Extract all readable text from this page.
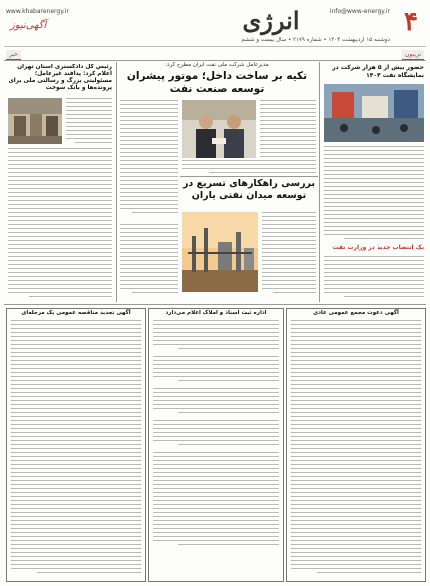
۴
انرژی	info@www-energy.ir
www.khabarenergy.ir
آگهی‌نیوز
دوشنبه ۱۵ اردیبهشت ۱۴۰۴ • شماره ۲۱۷۹ • سال بیست و ششم
تریبون
خبر
حضور بیش از ۵ هزار شرکت در نمایشگاه نفت ۱۴۰۴
یک انتصاب جدید در وزارت نفت
مدیرعامل شرکت ملی نفت ایران مطرح کرد:
تکیه بر ساخت داخل؛ موتور پیشران توسعه صنعت نفت
بررسی راهکارهای تسریع در توسعه میدان نفتی یاران
رئیس کل دادگستری استان تهران اعلام کرد: پدافند غیرعامل؛ مسئولیتی بزرگ و رسالتی ملی برای پرونده‌ها و بانک سوخت
آگهی تجدید مناقصه عمومی یک مرحله‌ای	اداره ثبت اسناد و املاک اعلام می‌دارد	آگهی دعوت مجمع عمومی عادی
